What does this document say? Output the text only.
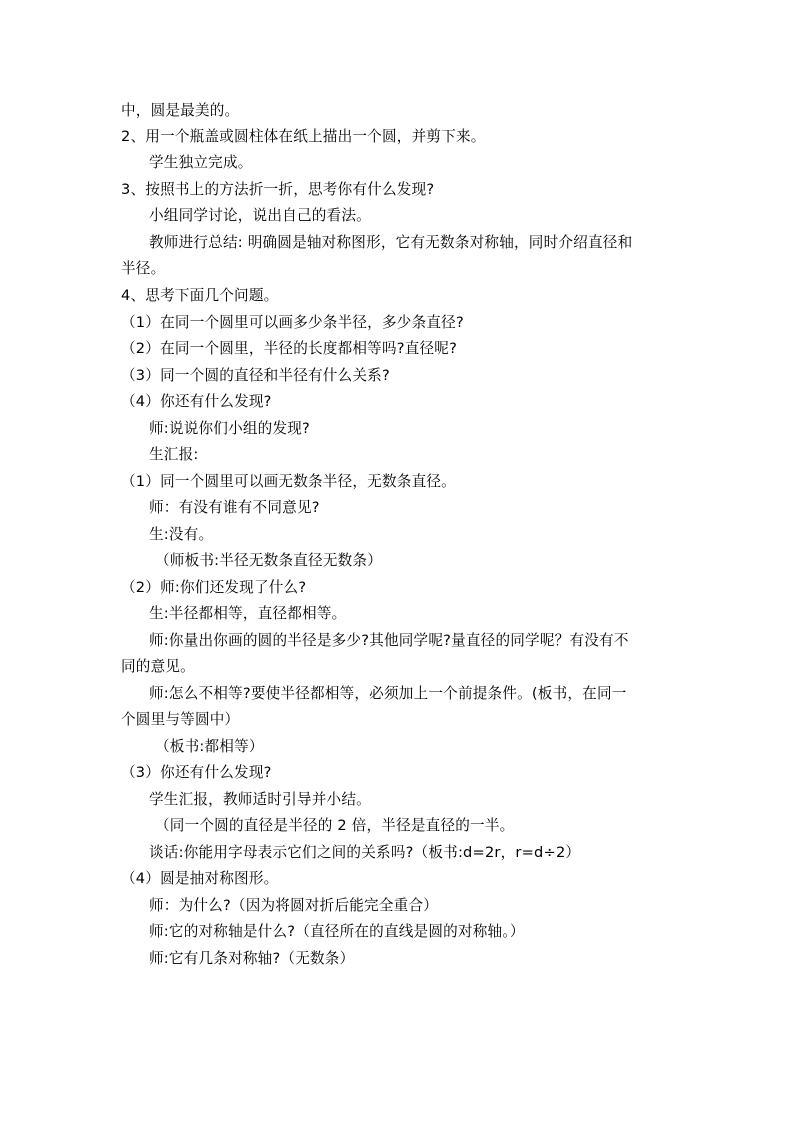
中，圆是最美的。
2、用一个瓶盖或圆柱体在纸上描出一个圆，并剪下来。
学生独立完成。
3、按照书上的方法折一折，思考你有什么发现?
小组同学讨论，说出自己的看法。
教师进行总结: 明确圆是轴对称图形，它有无数条对称轴，同时介绍直径和
半径。
4、思考下面几个问题。
（1）在同一个圆里可以画多少条半径，多少条直径?
（2）在同一个圆里，半径的长度都相等吗?直径呢?
（3）同一个圆的直径和半径有什么关系?
（4）你还有什么发现?
师:说说你们小组的发现?
生汇报:
（1）同一个圆里可以画无数条半径，无数条直径。
师：有没有谁有不同意见?
生:没有。
（师板书:半径无数条直径无数条）
（2）师:你们还发现了什么?
生:半径都相等，直径都相等。
师:你量出你画的圆的半径是多少?其他同学呢?量直径的同学呢？有没有不
同的意见。
师:怎么不相等?要使半径都相等，必须加上一个前提条件。(板书，在同一
个圆里与等圆中）
（板书:都相等）
（3）你还有什么发现?
学生汇报，教师适时引导并小结。
（同一个圆的直径是半径的 2 倍，半径是直径的一半。
谈话:你能用字母表示它们之间的关系吗?（板书:d=2r，r=d÷2）
（4）圆是抽对称图形。
师：为什么?（因为将圆对折后能完全重合）
师:它的对称轴是什么?（直径所在的直线是圆的对称轴。）
师:它有几条对称轴?（无数条）
